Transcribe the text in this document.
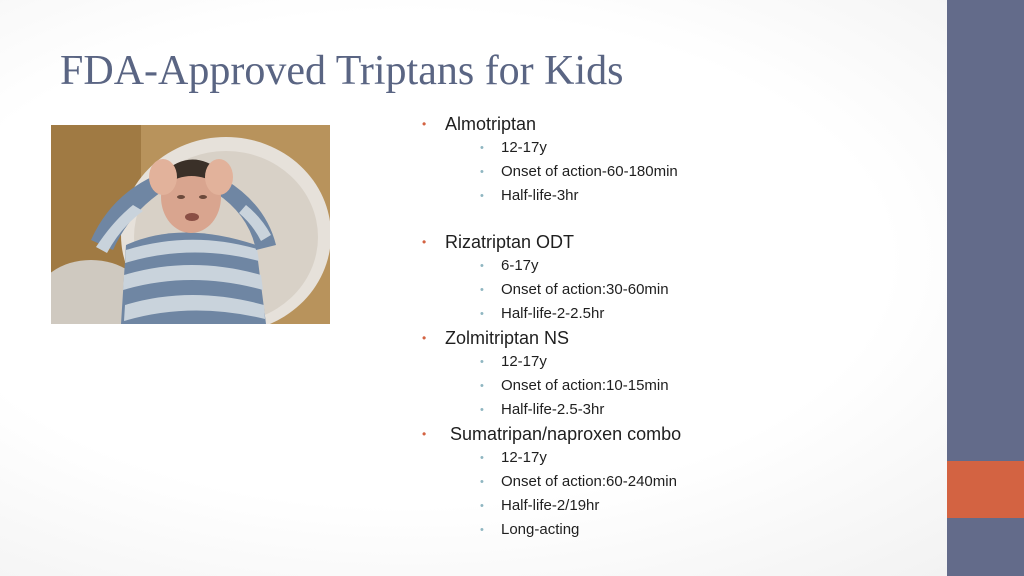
FDA-Approved Triptans for Kids
• Almotriptan
• 12-17y
• Onset of action-60-180min
• Half-life-3hr
• Rizatriptan ODT
• 6-17y
• Onset of action:30-60min
• Half-life-2-2.5hr
• Zolmitriptan NS
• 12-17y
• Onset of action:10-15min
• Half-life-2.5-3hr
• Sumatripan/naproxen combo
• 12-17y
• Onset of action:60-240min
• Half-life-2/19hr
• Long-acting
